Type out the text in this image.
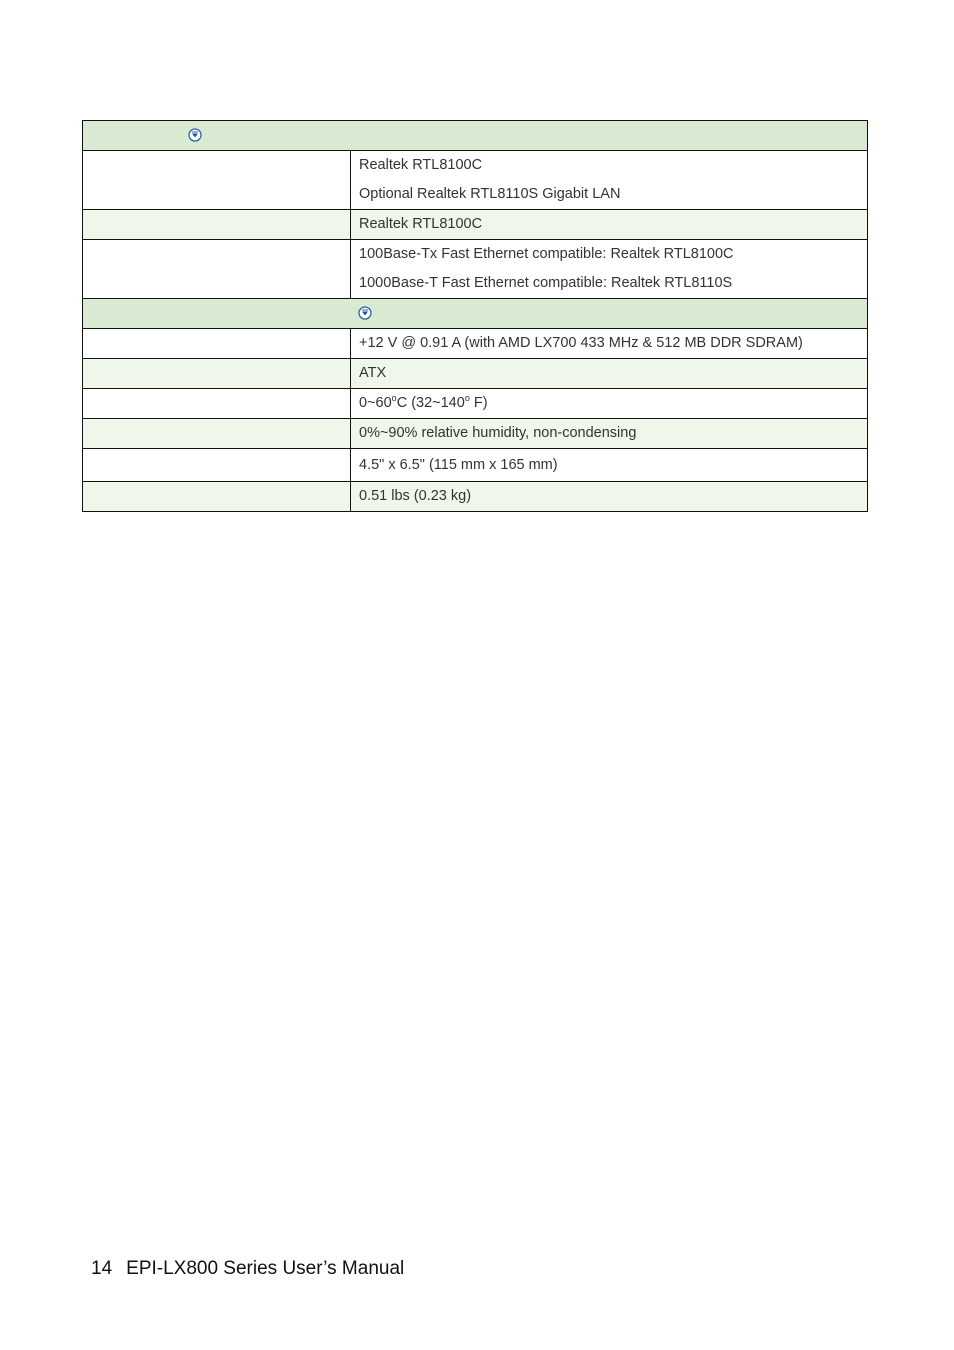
	Realtek RTL8100C
Optional Realtek RTL8110S Gigabit LAN

	Realtek RTL8100C

	100Base-Tx Fast Ethernet compatible: Realtek RTL8100C
1000Base-T Fast Ethernet compatible: Realtek RTL8110S

	+12 V @ 0.91 A (with AMD LX700 433 MHz & 512 MB DDR SDRAM)
	ATX
	0~60$^o$C (32~140$^o$ F)
	0%~90% relative humidity, non-condensing
	4.5" x 6.5" (115 mm x 165 mm)
	0.51 lbs (0.23 kg)
14 EPI-LX800 Series User’s Manual
